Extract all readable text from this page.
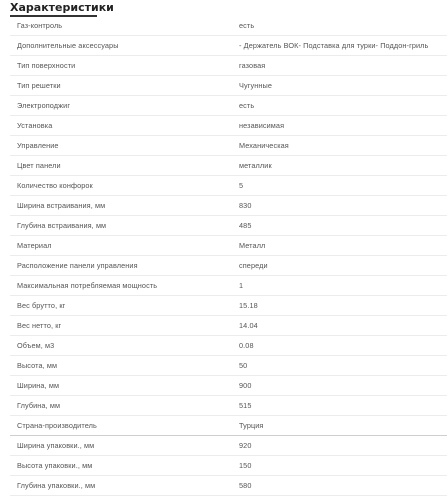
Характеристики
Газ-контроль	есть
Дополнительные аксессуары	- Держатель ВОК- Подставка для турки- Поддон-гриль
Тип поверхности	газовая
Тип решетки	Чугунные
Электроподжиг	есть
Установка	независимая
Управление	Механическая
Цвет панели	металлик
Количество конфорок	5
Ширина встраивания, мм	830
Глубина встраивания, мм	485
Материал	Металл
Расположение панели управления	спереди
Максимальная потребляемая мощность	1
Вес брутто, кг	15.18
Вес нетто, кг	14.04
Объем, м3	0.08
Высота, мм	50
Ширина, мм	900
Глубина, мм	515
Страна-производитель	Турция
Ширина упаковки., мм	920
Высота упаковки., мм	150
Глубина упаковки., мм	580
